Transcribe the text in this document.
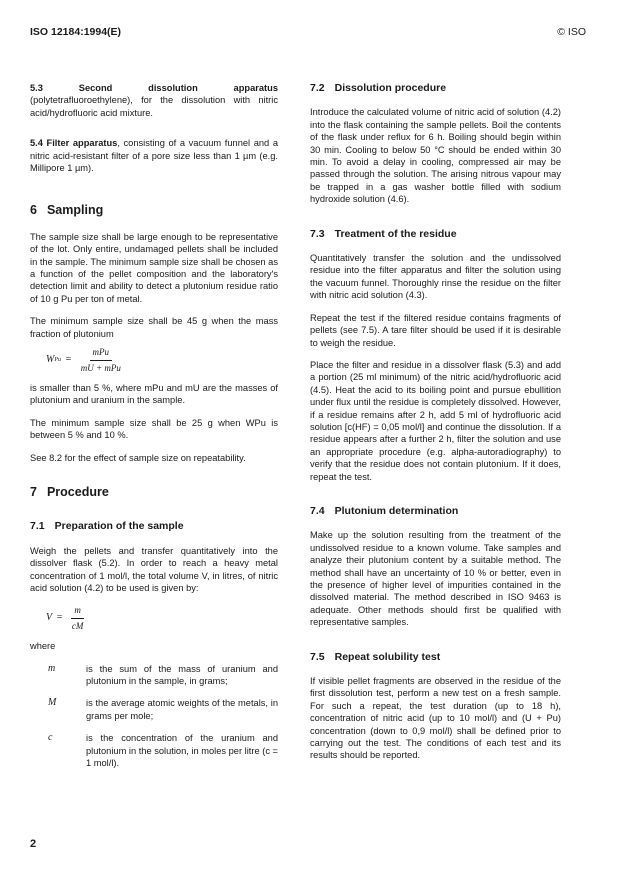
ISO 12184:1994(E)	© ISO

5.3	Second dissolution apparatus (polytetrafluoroethylene), for the dissolution with nitric acid/hydrofluoric acid mixture.

5.4 Filter apparatus, consisting of a vacuum funnel and a nitric acid-resistant filter of a pore size less than 1 µm (e.g. Millipore 1 µm).

6 Sampling

The sample size shall be large enough to be representative of the lot. Only entire, undamaged pellets shall be included in the sample. The minimum sample size shall be chosen as a function of the pellet composition and the laboratory's detection limit and ability to detect a plutonium residue ratio of 10 g Pu per ton of metal.

The minimum sample size shall be 45 g when the mass fraction of plutonium

W $Pu = \frac{\text{mPu}}{\text{mU + mPu}}$

is smaller than 5 %, where mPu and mU are the masses of plutonium and uranium in the sample.

The minimum sample size shall be 25 g when WPu is between 5 % and 10 %.

See 8.2 for the effect of sample size on repeatability.

7 Procedure
7.1 Preparation of the sample

Weigh the pellets and transfer quantitatively into the dissolver flask (5.2). In order to reach a heavy metal concentration of 1 mol/l, the total volume V, in litres, of nitric acid solution (4.2) to be used is given by:

$V = \frac{m}{cM}$

where

m	is the sum of the mass of uranium and plutonium in the sample, in grams;
M	is the average atomic weights of the metals, in grams per mole;
c	is the concentration of the uranium and plutonium in the solution, in moles per litre (c = 1 mol/l).
7.2 Dissolution procedure

Introduce the calculated volume of nitric acid of solution (4.2) into the flask containing the sample pellets. Boil the contents of the flask under reflux for 6 h. Boiling should begin within 30 min. Cooling to below 50 °C should be ended within 30 min. To avoid a delay in cooling, compressed air may be passed through the solution. The arising nitrous vapour may be trapped in a gas washer bottle filled with sodium hydroxide solution (4.6).

7.3 Treatment of the residue

Quantitatively transfer the solution and the undissolved residue into the filter apparatus and filter the solution using the vacuum funnel. Thoroughly rinse the residue on the filter with nitric acid solution (4.3).

Repeat the test if the filtered residue contains fragments of pellets (see 7.5). A tare filter should be used if it is desirable to weigh the residue.

Place the filter and residue in a dissolver flask (5.3) and add a portion (25 ml minimum) of the nitric acid/hydrofluoric acid (4.5). Heat the acid to its boiling point and pursue ebullition under flux until the residue is completely dissolved. However, if a residue remains after 2 h, add 5 ml of hydrofluoric acid solution [c(HF) = 0,05 mol/l] and continue the dissolution. If a residue appears after a further 2 h, filter the solution and use an appropriate procedure (e.g. alpha-autoradiography) to verify that the residue does not contain plutonium. If it does, repeat the test.

7.4 Plutonium determination

Make up the solution resulting from the treatment of the undissolved residue to a known volume. Take samples and analyze their plutonium content by a suitable method. The method shall have an uncertainty of 10 % or better, even in the presence of higher level of impurities contained in the dissolved material. The method described in ISO 9463 is adequate. Other methods should first be qualified with representative samples.

7.5 Repeat solubility test

If visible pellet fragments are observed in the residue of the first dissolution test, perform a new test on a fresh sample. For such a repeat, the test duration (up to 18 h), concentration of nitric acid (up to 10 mol/l) and (U + Pu) concentration (down to 0,9 mol/l) shall be defined prior to carrying out the test. The conditions of each test and its results should be reported.

2
